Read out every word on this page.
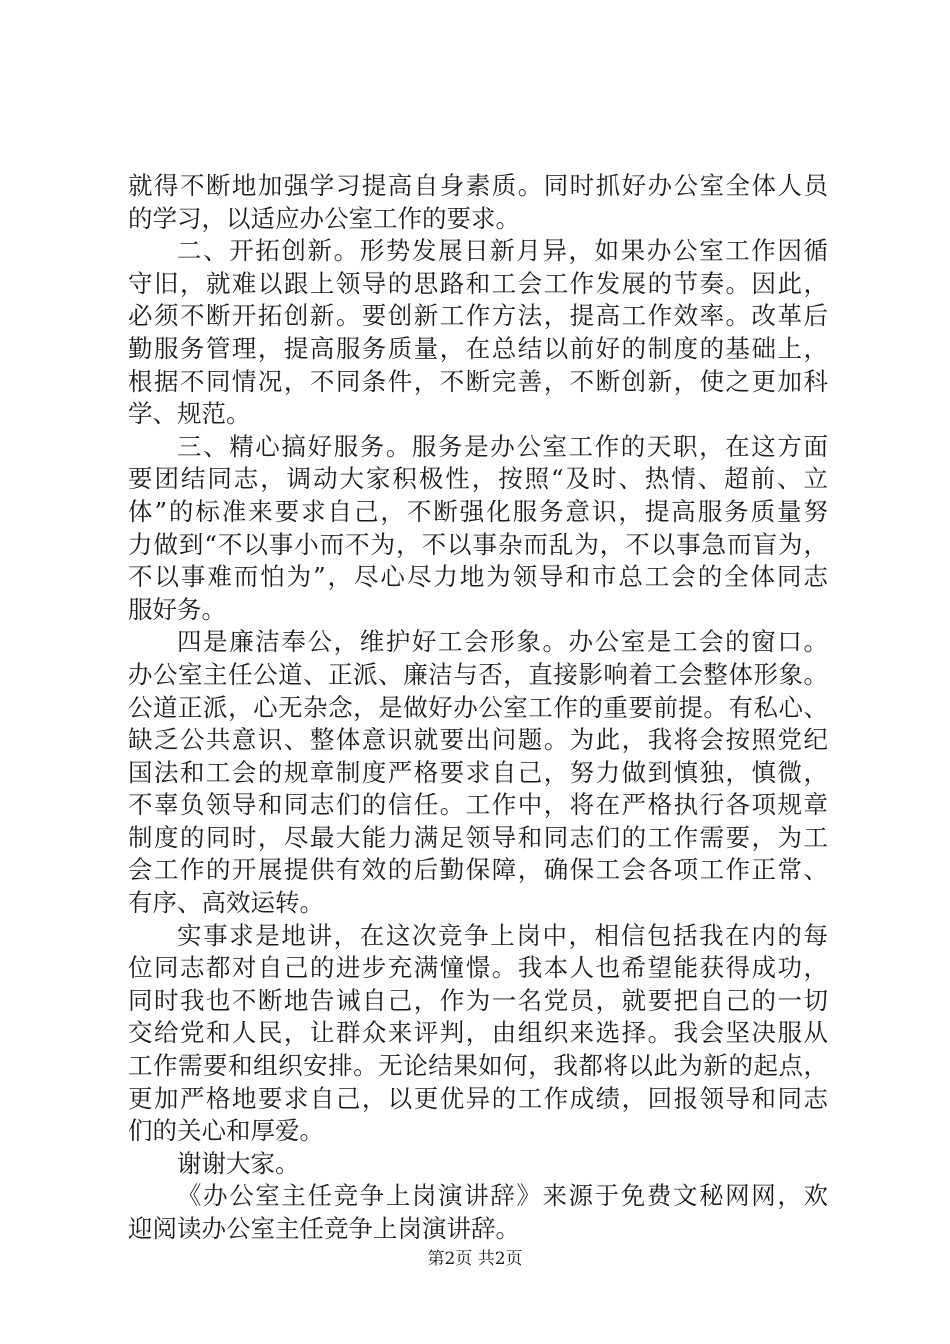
就得不断地加强学习提高自身素质。同时抓好办公室全体人员
的学习，以适应办公室工作的要求。
二、开拓创新。形势发展日新月异，如果办公室工作因循
守旧，就难以跟上领导的思路和工会工作发展的节奏。因此，
必须不断开拓创新。要创新工作方法，提高工作效率。改革后
勤服务管理，提高服务质量，在总结以前好的制度的基础上，
根据不同情况，不同条件，不断完善，不断创新，使之更加科
学、规范。
三、精心搞好服务。服务是办公室工作的天职，在这方面
要团结同志，调动大家积极性，按照“及时、热情、超前、立
体”的标准来要求自己，不断强化服务意识，提高服务质量努
力做到“不以事小而不为，不以事杂而乱为，不以事急而盲为，
不以事难而怕为”，尽心尽力地为领导和市总工会的全体同志
服好务。
四是廉洁奉公，维护好工会形象。办公室是工会的窗口。
办公室主任公道、正派、廉洁与否，直接影响着工会整体形象。
公道正派，心无杂念，是做好办公室工作的重要前提。有私心、
缺乏公共意识、整体意识就要出问题。为此，我将会按照党纪
国法和工会的规章制度严格要求自己，努力做到慎独，慎微，
不辜负领导和同志们的信任。工作中，将在严格执行各项规章
制度的同时，尽最大能力满足领导和同志们的工作需要，为工
会工作的开展提供有效的后勤保障，确保工会各项工作正常、
有序、高效运转。
实事求是地讲，在这次竞争上岗中，相信包括我在内的每
位同志都对自己的进步充满憧憬。我本人也希望能获得成功，
同时我也不断地告诫自己，作为一名党员，就要把自己的一切
交给党和人民，让群众来评判，由组织来选择。我会坚决服从
工作需要和组织安排。无论结果如何，我都将以此为新的起点，
更加严格地要求自己，以更优异的工作成绩，回报领导和同志
们的关心和厚爱。
谢谢大家。
《办公室主任竞争上岗演讲辞》来源于免费文秘网网，欢
迎阅读办公室主任竞争上岗演讲辞。
第2页 共2页
